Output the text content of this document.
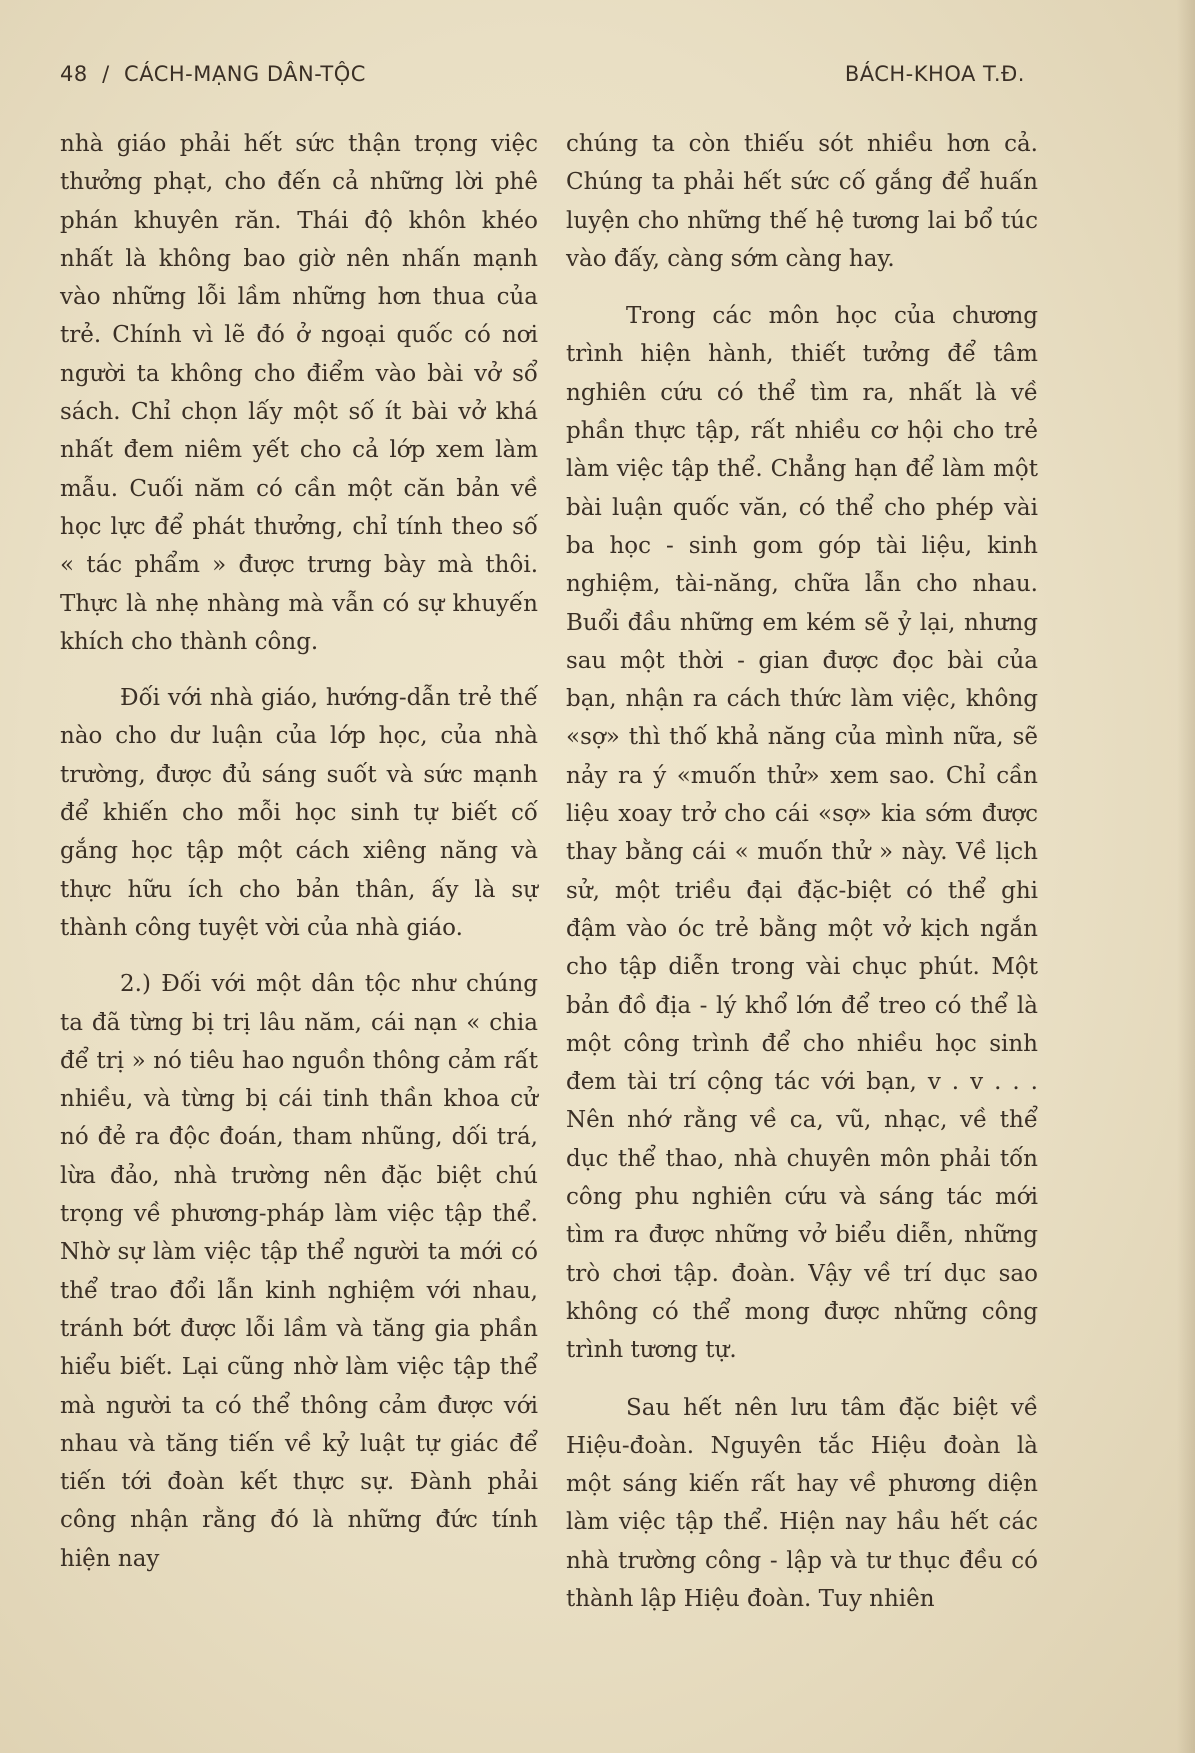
48  /  CÁCH-MẠNG DÂN-TỘC	BÁCH-KHOA T.Đ.

nhà giáo phải hết sức thận trọng việc thưởng phạt, cho đến cả những lời phê phán khuyên răn. Thái độ khôn khéo nhất là không bao giờ nên nhấn mạnh vào những lỗi lầm những hơn thua của trẻ. Chính vì lẽ đó ở ngoại quốc có nơi người ta không cho điểm vào bài vở sổ sách. Chỉ chọn lấy một số ít bài vở khá nhất đem niêm yết cho cả lớp xem làm mẫu. Cuối năm có cần một căn bản về học lực để phát thưởng, chỉ tính theo số « tác phẩm » được trưng bày mà thôi. Thực là nhẹ nhàng mà vẫn có sự khuyến khích cho thành công.

Đối với nhà giáo, hướng-dẫn trẻ thế nào cho dư luận của lớp học, của nhà trường, được đủ sáng suốt và sức mạnh để khiến cho mỗi học sinh tự biết cố gắng học tập một cách xiêng năng và thực hữu ích cho bản thân, ấy là sự thành công tuyệt vời của nhà giáo.

2.) Đối với một dân tộc như chúng ta đã từng bị trị lâu năm, cái nạn « chia để trị » nó tiêu hao nguồn thông cảm rất nhiều, và từng bị cái tinh thần khoa cử nó đẻ ra độc đoán, tham nhũng, dối trá, lừa đảo, nhà trường nên đặc biệt chú trọng về phương-pháp làm việc tập thể. Nhờ sự làm việc tập thể người ta mới có thể trao đổi lẫn kinh nghiệm với nhau, tránh bớt được lỗi lầm và tăng gia phần hiểu biết. Lại cũng nhờ làm việc tập thể mà người ta có thể thông cảm được với nhau và tăng tiến về kỷ luật tự giác để tiến tới đoàn kết thực sự. Đành phải công nhận rằng đó là những đức tính hiện nay

chúng ta còn thiếu sót nhiều hơn cả. Chúng ta phải hết sức cố gắng để huấn luyện cho những thế hệ tương lai bổ túc vào đấy, càng sớm càng hay.

Trong các môn học của chương trình hiện hành, thiết tưởng để tâm nghiên cứu có thể tìm ra, nhất là về phần thực tập, rất nhiều cơ hội cho trẻ làm việc tập thể. Chẳng hạn để làm một bài luận quốc văn, có thể cho phép vài ba học - sinh gom góp tài liệu, kinh nghiệm, tài-năng, chữa lẫn cho nhau. Buổi đầu những em kém sẽ ỷ lại, nhưng sau một thời - gian được đọc bài của bạn, nhận ra cách thức làm việc, không «sợ» thì thố khả năng của mình nữa, sẽ nảy ra ý «muốn thử» xem sao. Chỉ cần liệu xoay trở cho cái «sợ» kia sớm được thay bằng cái « muốn thử » này. Về lịch sử, một triều đại đặc-biệt có thể ghi đậm vào óc trẻ bằng một vở kịch ngắn cho tập diễn trong vài chục phút. Một bản đồ địa - lý khổ lớn để treo có thể là một công trình để cho nhiều học sinh đem tài trí cộng tác với bạn, v . v . . . Nên nhớ rằng về ca, vũ, nhạc, về thể dục thể thao, nhà chuyên môn phải tốn công phu nghiên cứu và sáng tác mới tìm ra được những vở biểu diễn, những trò chơi tập. đoàn. Vậy về trí dục sao không có thể mong được những công trình tương tự.

Sau hết nên lưu tâm đặc biệt về Hiệu-đoàn. Nguyên tắc Hiệu đoàn là một sáng kiến rất hay về phương diện làm việc tập thể. Hiện nay hầu hết các nhà trường công - lập và tư thục đều có thành lập Hiệu đoàn. Tuy nhiên
